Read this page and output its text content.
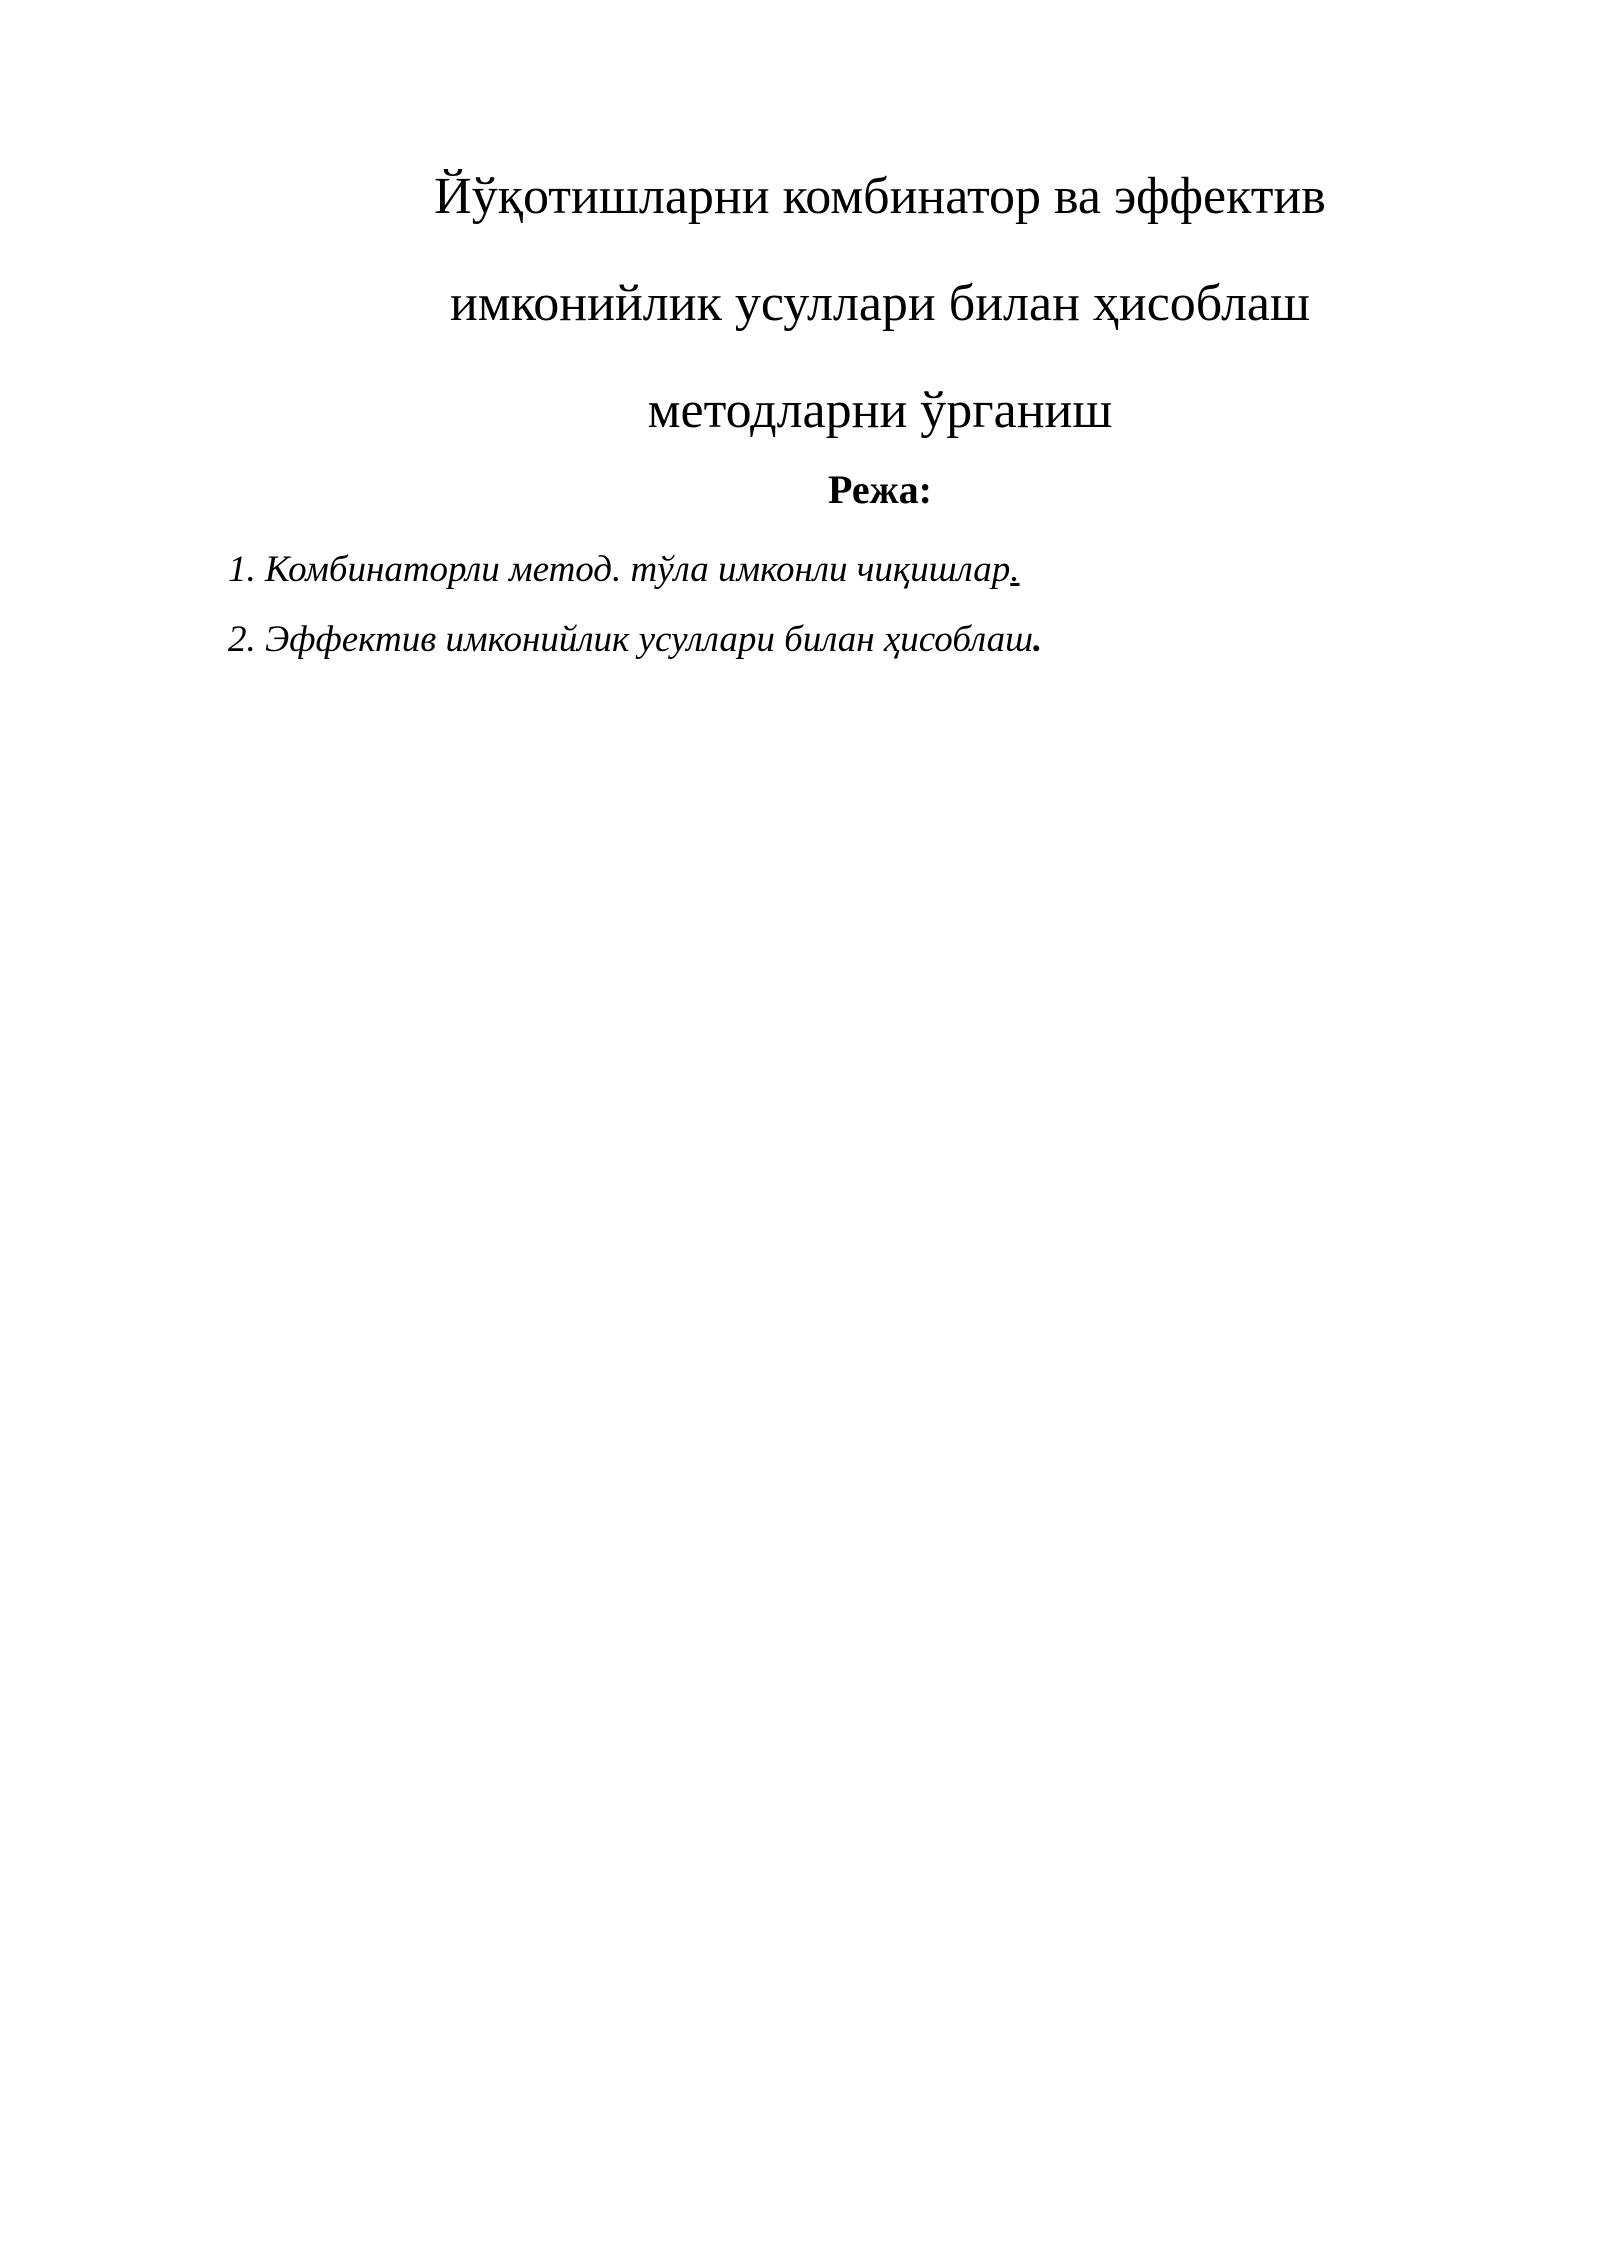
Йўқотишларни комбинатор ва эффектив
имконийлик усуллари билан ҳисоблаш
методларни ўрганиш
Режа:
1. Комбинаторли метод. тўла имконли чиқишлар.
2. Эффектив имконийлик усуллари билан ҳисоблаш.
